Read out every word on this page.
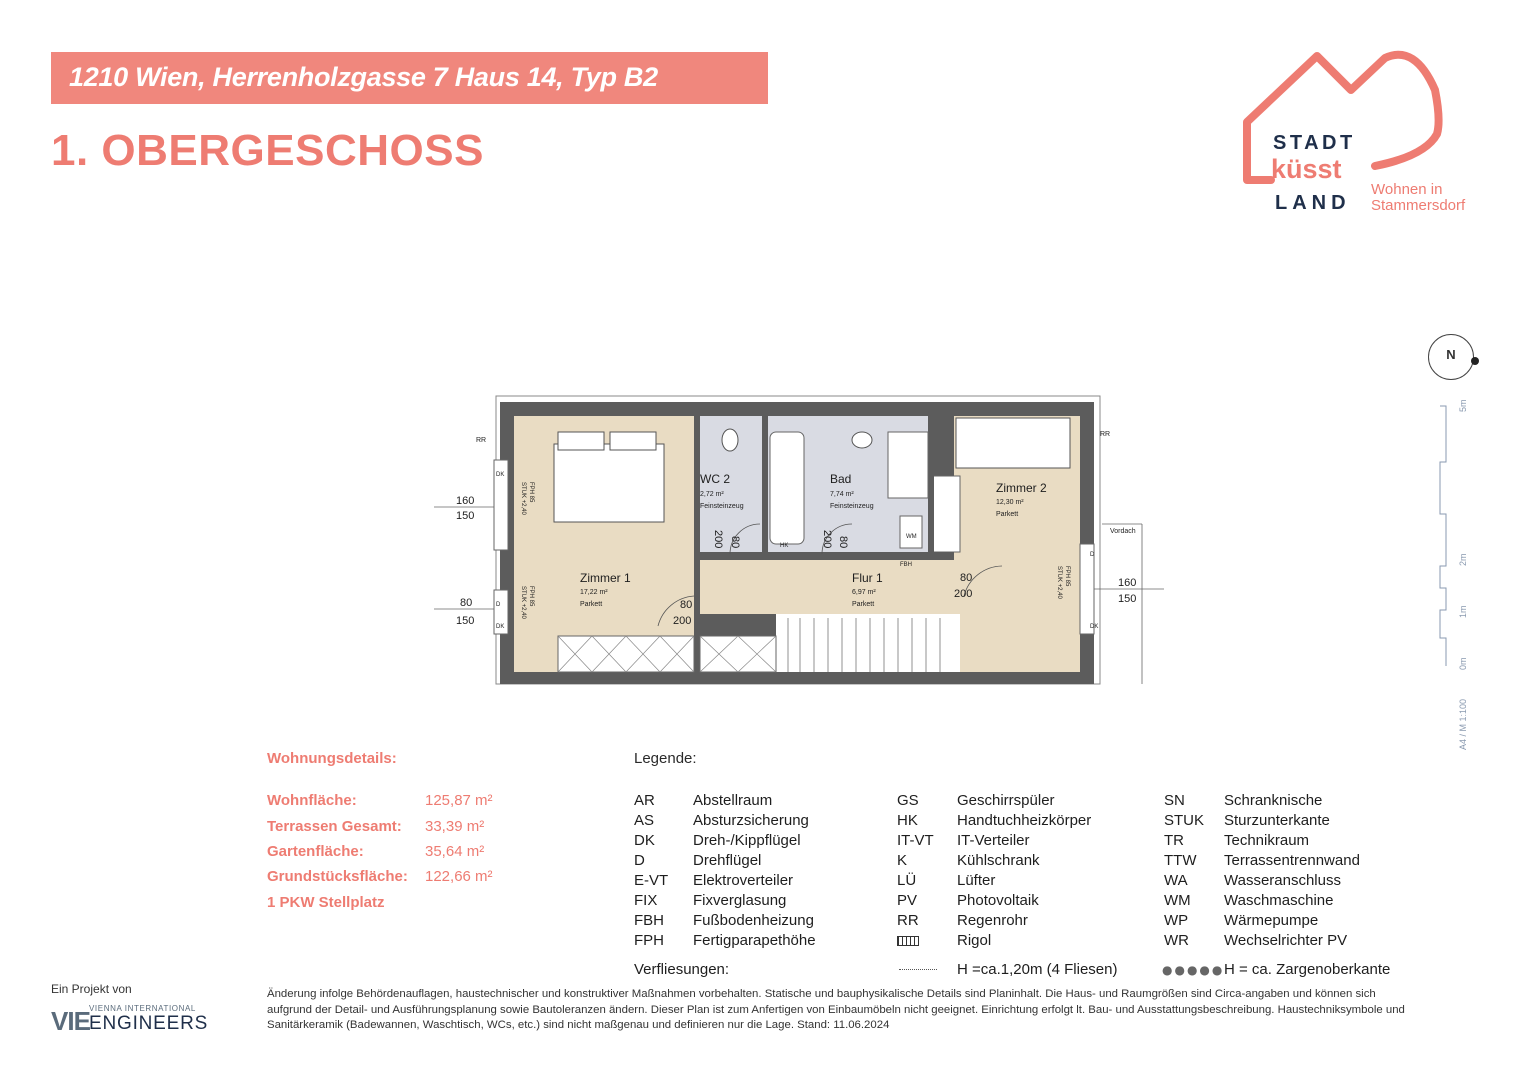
1210 Wien, Herrenholzgasse 7 Haus 14, Typ B2
1. OBERGESCHOSS	STADT
küsst
LAND
Wohnen in
Stammersdorf
N
5m
2m
1m
0m
A4 / M 1:100
Zimmer 1
17,22 m²
Parkett
WC 2
2,72 m²
Feinsteinzeug
Bad
7,74 m²
Feinsteinzeug
Zimmer 2
12,30 m²
Parkett
Flur 1
6,97 m²
Parkett
RR
RR
Vordach
HK
FBH
WM
DK
DK	DK
D
D
FPH 85
STUK +2,40
FPH 85
STUK +2,40
FPH 85
STUK +2,40
160
150
80
150
160
150
80
200
80
200
200 80	200 80
Wohnungsdetails:
Wohnfläche:	125,87 m²
Terrassen Gesamt: 33,39 m²
Gartenfläche:	35,64 m²
Grundstücksfläche: 122,66 m²
1 PKW Stellplatz
Legende:
AR	Abstellraum
AS	Absturzsicherung
DK	Dreh-/Kippflügel
D	Drehflügel
E-VT Elektroverteiler
FIX Fixverglasung
FBH Fußbodenheizung
FPH Fertigparapethöhe
GS	Geschirrspüler
HK	Handtuchheizkörper
IT-VT IT-Verteiler
K	Kühlschrank
LÜ	Lüfter
PV	Photovoltaik
RR	Regenrohr
Rigol
SN	Schranknische
STUK Sturzunterkante
TR	Technikraum
TTW Terrassentrennwand
WA Wasseranschluss
WM Waschmaschine
WP Wärmepumpe
WR Wechselrichter PV
Verfliesungen:	H =ca.1,20m (4 Fliesen)	●●●●● H = ca. Zargenoberkante
Änderung infolge Behördenauflagen, haustechnischer und konstruktiver Maßnahmen vorbehalten. Statische und bauphysikalische Details sind Planinhalt. Die Haus- und Raumgrößen sind Circa-angaben und können sich aufgrund der Detail- und Ausführungsplanung sowie Bautoleranzen ändern. Dieser Plan ist zum Anfertigen von Einbaumöbeln nicht geeignet. Einrichtung erfolgt lt. Bau- und Ausstattungsbeschreibung. Haustechniksymbole und Sanitärkeramik (Badewannen, Waschtisch, WCs, etc.) sind nicht maßgenau und definieren nur die Lage. Stand: 11.06.2024
Ein Projekt von
VIE VIENNA INTERNATIONAL
ENGINEERS
